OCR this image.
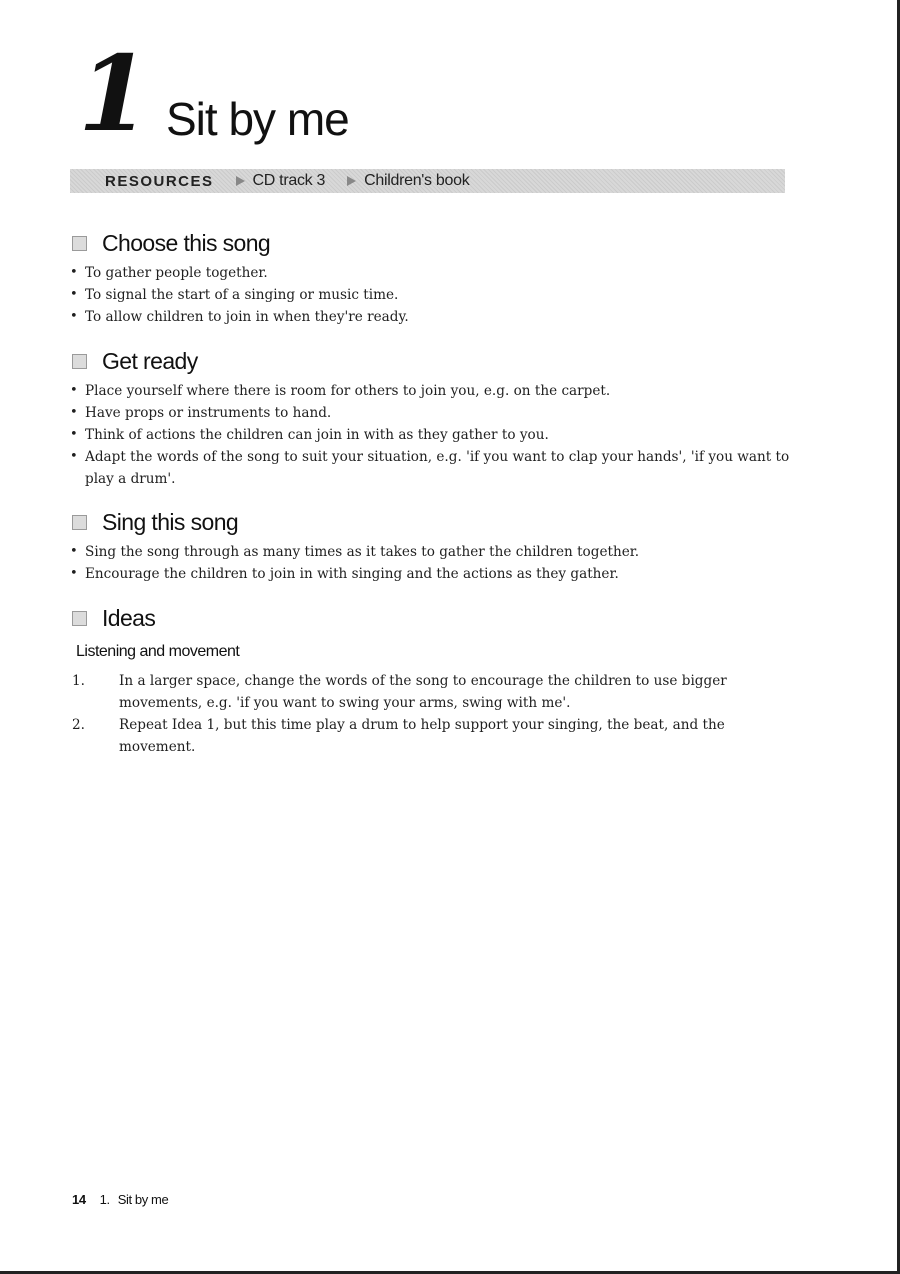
1 Sit by me
RESOURCES CD track 3 Children's book
Choose this song
• To gather people together.
• To signal the start of a singing or music time.
• To allow children to join in when they're ready.
Get ready
• Place yourself where there is room for others to join you, e.g. on the carpet.
• Have props or instruments to hand.
• Think of actions the children can join in with as they gather to you.
• Adapt the words of the song to suit your situation, e.g. 'if you want to clap your hands', 'if you want to play a drum'.
Sing this song
• Sing the song through as many times as it takes to gather the children together.
• Encourage the children to join in with singing and the actions as they gather.
Ideas
Listening and movement
1.	In a larger space, change the words of the song to encourage the children to use bigger movements, e.g. 'if you want to swing your arms, swing with me'.
2.	Repeat Idea 1, but this time play a drum to help support your singing, the beat, and the movement.
14 1. Sit by me
